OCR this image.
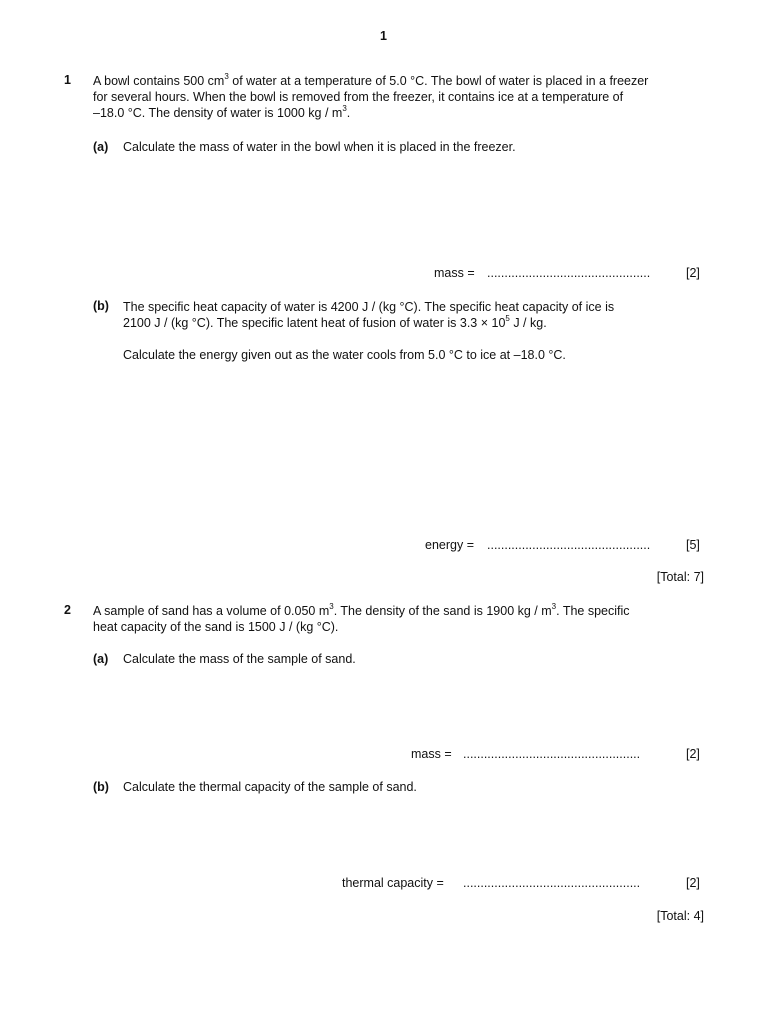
1
1 A bowl contains 500 $cm^3$ of water at a temperature of 5.0 °C. The bowl of water is placed in a freezer
for several hours. When the bowl is removed from the freezer, it contains ice at a temperature of
–18.0 °C. The density of water is 1000 kg / $m^3$.
(a) Calculate the mass of water in the bowl when it is placed in the freezer.
mass = ...............................................	[2]
(b) The specific heat capacity of water is 4200 J / (kg °C). The specific heat capacity of ice is
2100 J / (kg °C). The specific latent heat of fusion of water is $3.3 \times 10^5$ J / kg.
Calculate the energy given out as the water cools from 5.0 °C to ice at –18.0 °C.
energy = ...............................................	[5]
[Total: 7]
2 A sample of sand has a volume of 0.050 $m^3$. The density of the sand is 1900 kg / $m^3$. The specific
heat capacity of the sand is 1500 J / (kg °C).
(a) Calculate the mass of the sample of sand.
mass = ...................................................	[2]
(b) Calculate the thermal capacity of the sample of sand.
thermal capacity = ...................................................	[2]
[Total: 4]
